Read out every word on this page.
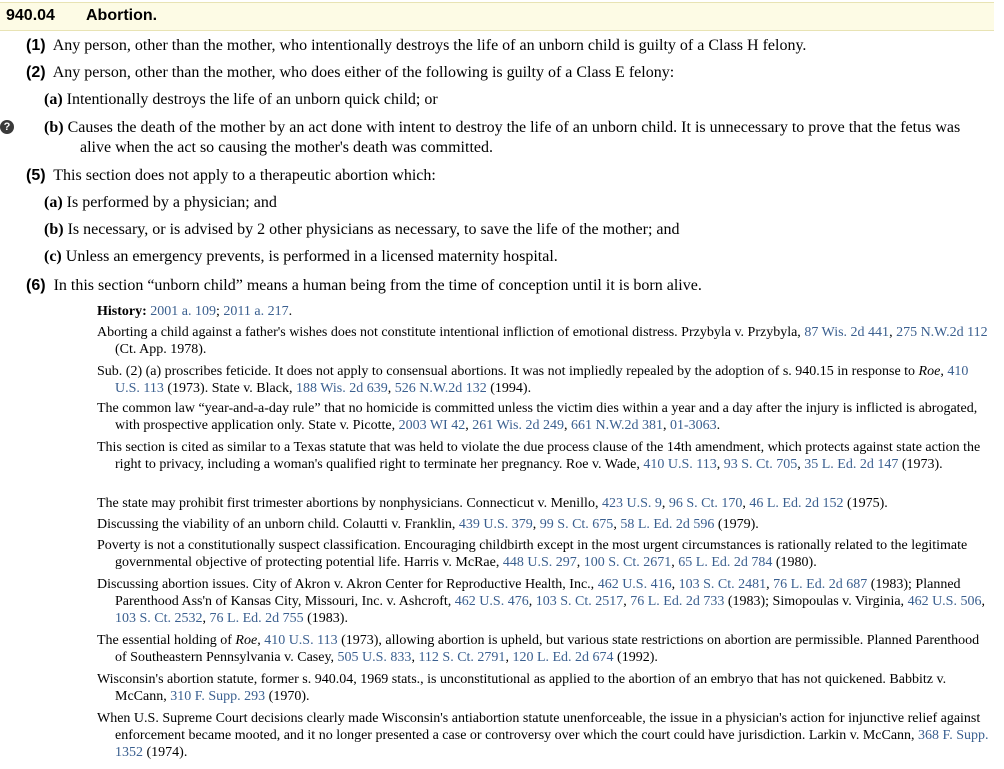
940.04 Abortion.
?
(1) Any person, other than the mother, who intentionally destroys the life of an unborn child is guilty of a Class H felony.
(2) Any person, other than the mother, who does either of the following is guilty of a Class E felony:
(a) Intentionally destroys the life of an unborn quick child; or
(b) Causes the death of the mother by an act done with intent to destroy the life of an unborn child. It is unnecessary to prove that the fetus was alive when the act so causing the mother's death was committed.
(5) This section does not apply to a therapeutic abortion which:
(a) Is performed by a physician; and
(b) Is necessary, or is advised by 2 other physicians as necessary, to save the life of the mother; and
(c) Unless an emergency prevents, is performed in a licensed maternity hospital.
(6) In this section “unborn child” means a human being from the time of conception until it is born alive.
History: 2001 a. 109; 2011 a. 217.
Aborting a child against a father's wishes does not constitute intentional infliction of emotional distress. Przybyla v. Przybyla, 87 Wis. 2d 441, 275 N.W.2d 112 (Ct. App. 1978).
Sub. (2) (a) proscribes feticide. It does not apply to consensual abortions. It was not impliedly repealed by the adoption of s. 940.15 in response to Roe, 410 U.S. 113 (1973). State v. Black, 188 Wis. 2d 639, 526 N.W.2d 132 (1994).
The common law “year-and-a-day rule” that no homicide is committed unless the victim dies within a year and a day after the injury is inflicted is abrogated, with prospective application only. State v. Picotte, 2003 WI 42, 261 Wis. 2d 249, 661 N.W.2d 381, 01-3063.
This section is cited as similar to a Texas statute that was held to violate the due process clause of the 14th amendment, which protects against state action the right to privacy, including a woman's qualified right to terminate her pregnancy. Roe v. Wade, 410 U.S. 113, 93 S. Ct. 705, 35 L. Ed. 2d 147 (1973).
The state may prohibit first trimester abortions by nonphysicians. Connecticut v. Menillo, 423 U.S. 9, 96 S. Ct. 170, 46 L. Ed. 2d 152 (1975).
Discussing the viability of an unborn child. Colautti v. Franklin, 439 U.S. 379, 99 S. Ct. 675, 58 L. Ed. 2d 596 (1979).
Poverty is not a constitutionally suspect classification. Encouraging childbirth except in the most urgent circumstances is rationally related to the legitimate governmental objective of protecting potential life. Harris v. McRae, 448 U.S. 297, 100 S. Ct. 2671, 65 L. Ed. 2d 784 (1980).
Discussing abortion issues. City of Akron v. Akron Center for Reproductive Health, Inc., 462 U.S. 416, 103 S. Ct. 2481, 76 L. Ed. 2d 687 (1983); Planned Parenthood Ass'n of Kansas City, Missouri, Inc. v. Ashcroft, 462 U.S. 476, 103 S. Ct. 2517, 76 L. Ed. 2d 733 (1983); Simopoulas v. Virginia, 462 U.S. 506, 103 S. Ct. 2532, 76 L. Ed. 2d 755 (1983).
The essential holding of Roe, 410 U.S. 113 (1973), allowing abortion is upheld, but various state restrictions on abortion are permissible. Planned Parenthood of Southeastern Pennsylvania v. Casey, 505 U.S. 833, 112 S. Ct. 2791, 120 L. Ed. 2d 674 (1992).
Wisconsin's abortion statute, former s. 940.04, 1969 stats., is unconstitutional as applied to the abortion of an embryo that has not quickened. Babbitz v. McCann, 310 F. Supp. 293 (1970).
When U.S. Supreme Court decisions clearly made Wisconsin's antiabortion statute unenforceable, the issue in a physician's action for injunctive relief against enforcement became mooted, and it no longer presented a case or controversy over which the court could have jurisdiction. Larkin v. McCann, 368 F. Supp. 1352 (1974).
